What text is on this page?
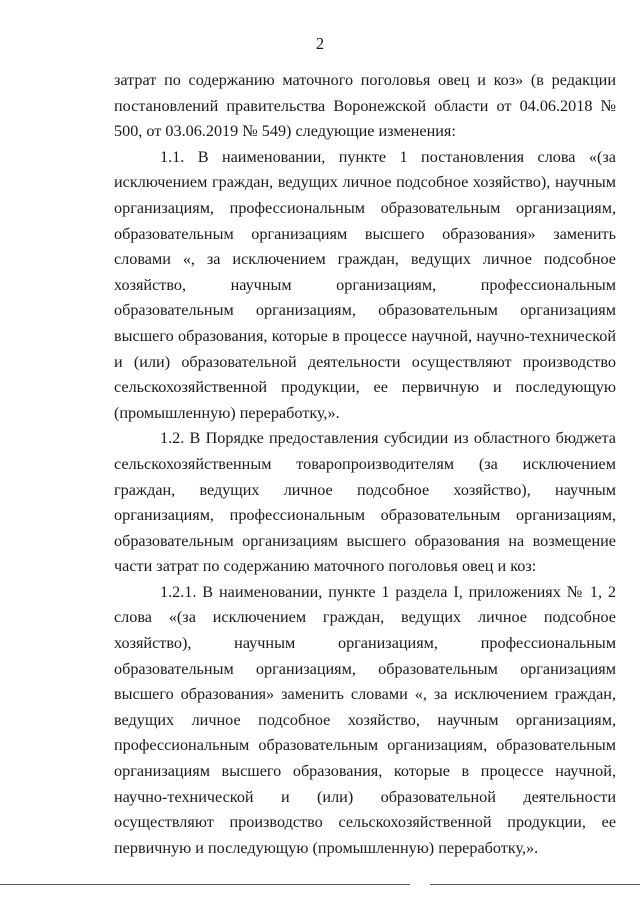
2

затрат по содержанию маточного поголовья овец и коз» (в редакции постановлений правительства Воронежской области от 04.06.2018 № 500, от 03.06.2019 № 549) следующие изменения:

1.1. В наименовании, пункте 1 постановления слова «(за исключением граждан, ведущих личное подсобное хозяйство), научным организациям, профессиональным образовательным организациям, образовательным организациям высшего образования» заменить словами «, за исключением граждан, ведущих личное подсобное хозяйство, научным организациям, профессиональным образовательным организациям, образовательным организациям высшего образования, которые в процессе научной, научно-технической и (или) образовательной деятельности осуществляют производство сельскохозяйственной продукции, ее первичную и последующую (промышленную) переработку,».

1.2. В Порядке предоставления субсидии из областного бюджета сельскохозяйственным товаропроизводителям (за исключением граждан, ведущих личное подсобное хозяйство), научным организациям, профессиональным образовательным организациям, образовательным организациям высшего образования на возмещение части затрат по содержанию маточного поголовья овец и коз:

1.2.1. В наименовании, пункте 1 раздела I, приложениях № 1, 2 слова «(за исключением граждан, ведущих личное подсобное хозяйство), научным организациям, профессиональным образовательным организациям, образовательным организациям высшего образования» заменить словами «, за исключением граждан, ведущих личное подсобное хозяйство, научным организациям, профессиональным образовательным организациям, образовательным организациям высшего образования, которые в процессе научной, научно-технической и (или) образовательной деятельности осуществляют производство сельскохозяйственной продукции, ее первичную и последующую (промышленную) переработку,».
